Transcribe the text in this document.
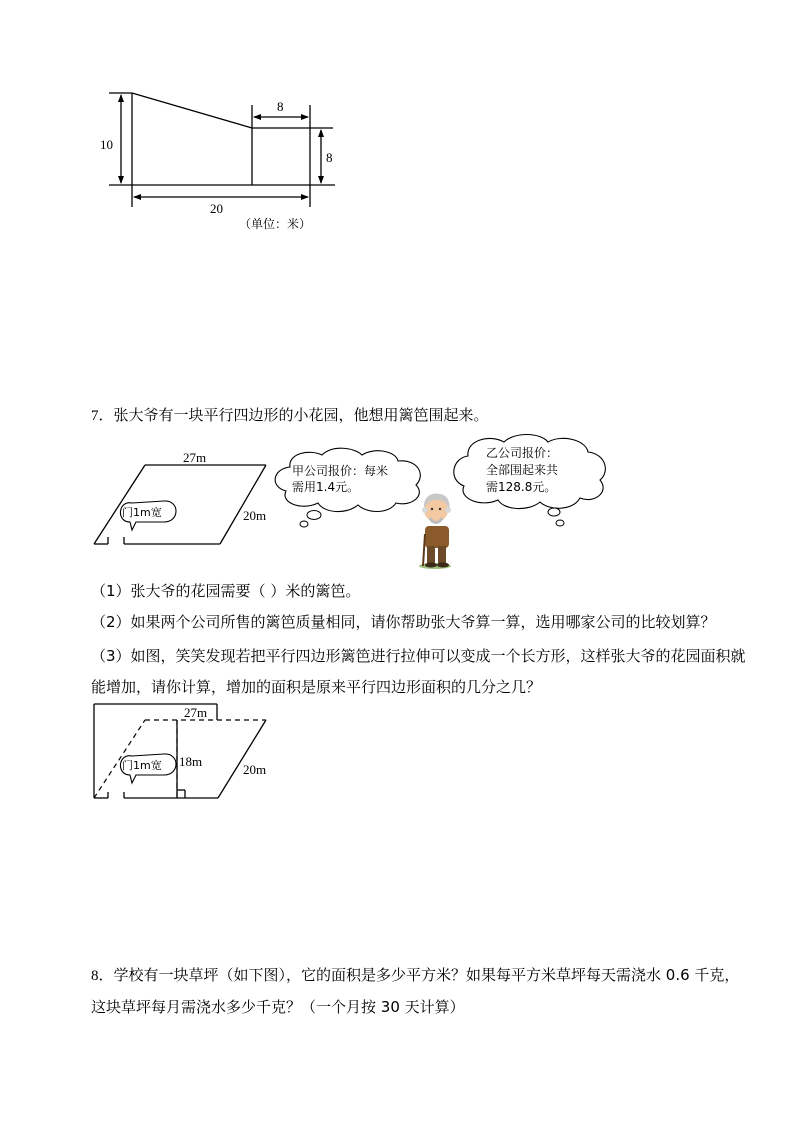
10
8
8
20
（单位：米）
7．张大爷有一块平行四边形的小花园，他想用篱笆围起来。
27m
20m
门1m宽
甲公司报价：每米
需用1.4元。
乙公司报价：
全部围起来共
需128.8元。
（1）张大爷的花园需要（ ）米的篱笆。
（2）如果两个公司所售的篱笆质量相同，请你帮助张大爷算一算，选用哪家公司的比较划算？
（3）如图，笑笑发现若把平行四边形篱笆进行拉伸可以变成一个长方形，这样张大爷的花园面积就
能增加，请你计算，增加的面积是原来平行四边形面积的几分之几？
27m
18m
20m
门1m宽
8．学校有一块草坪（如下图），它的面积是多少平方米？如果每平方米草坪每天需浇水 0.6 千克，
这块草坪每月需浇水多少千克？（一个月按 30 天计算）
